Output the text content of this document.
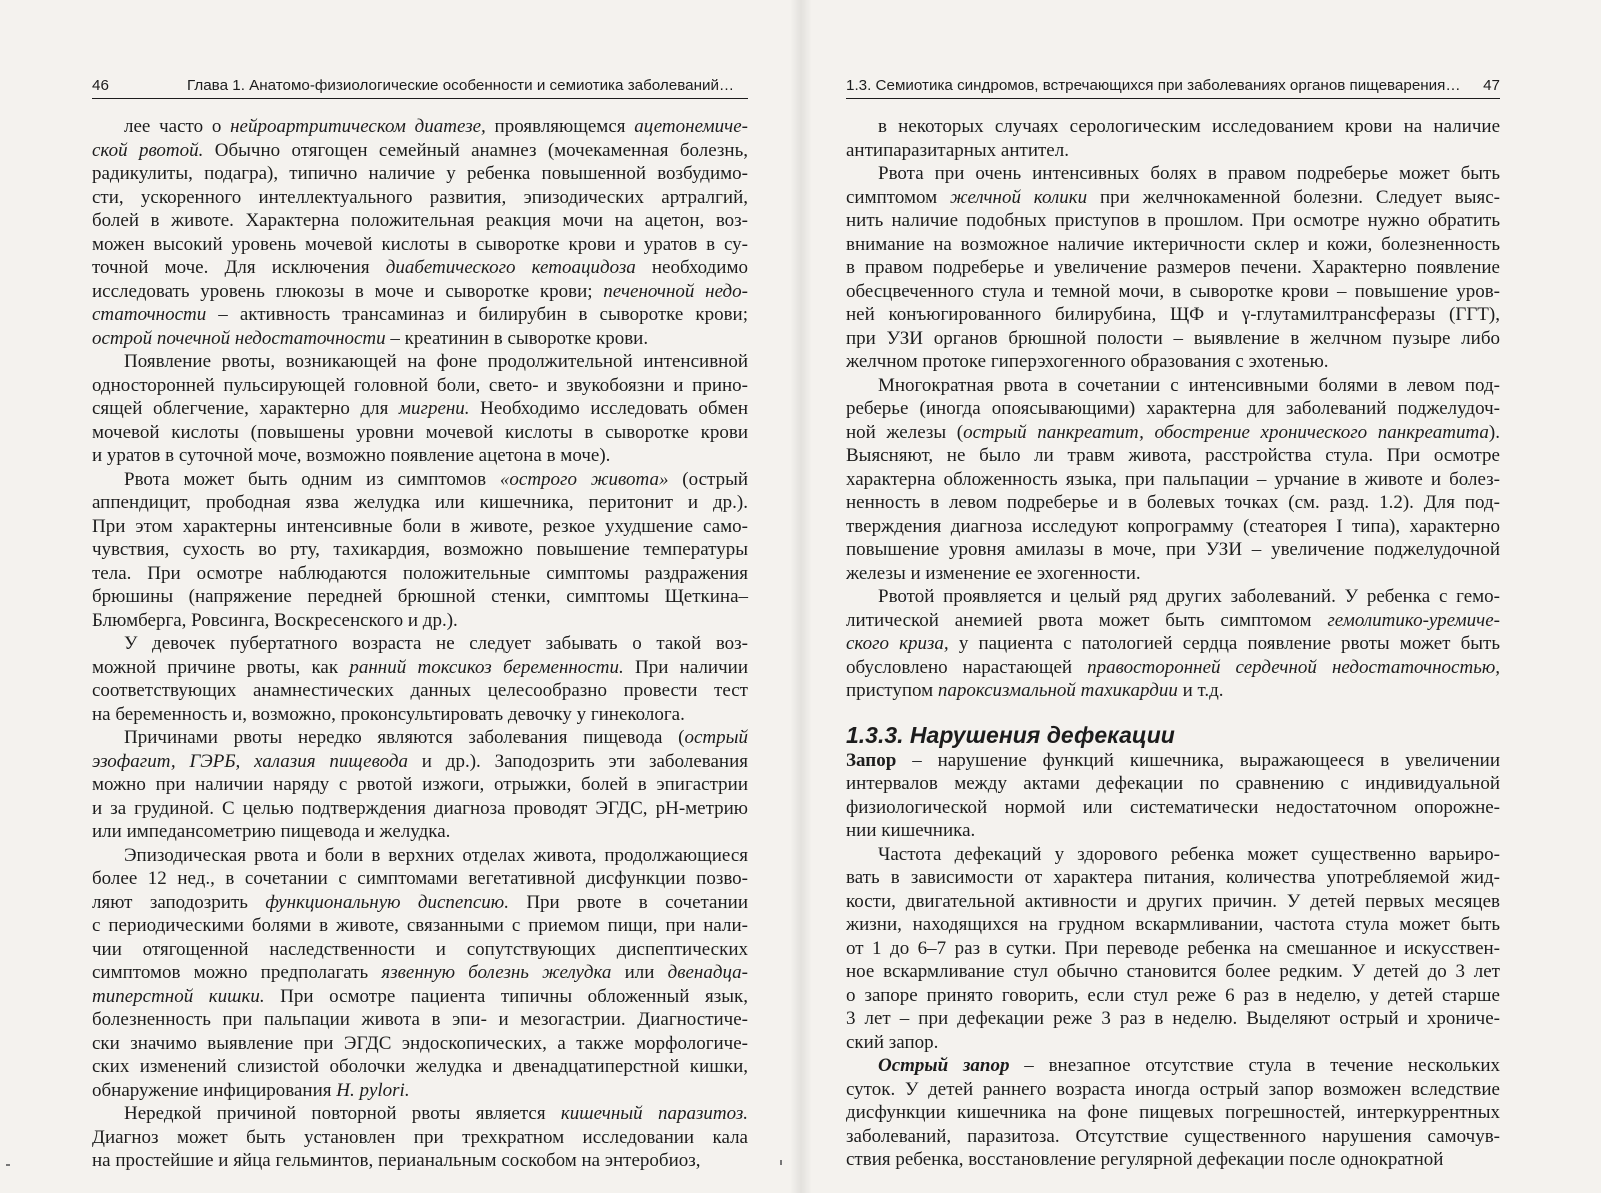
46	Глава 1. Анатомо-физиологические особенности и семиотика заболеваний…

лее часто о нейроартритическом диатезе, проявляющемся ацетонемиче-
ской рвотой. Обычно отягощен семейный анамнез (мочекаменная болезнь,
радикулиты, подагра), типично наличие у ребенка повышенной возбудимо-
сти, ускоренного интеллектуального развития, эпизодических артралгий,
болей в животе. Характерна положительная реакция мочи на ацетон, воз-
можен высокий уровень мочевой кислоты в сыворотке крови и уратов в су-
точной моче. Для исключения диабетического кетоацидоза необходимо
исследовать уровень глюкозы в моче и сыворотке крови; печеночной недо-
статочности – активность трансаминаз и билирубин в сыворотке крови;
острой почечной недостаточности – креатинин в сыворотке крови.

Появление рвоты, возникающей на фоне продолжительной интенсивной
односторонней пульсирующей головной боли, свето- и звукобоязни и прино-
сящей облегчение, характерно для мигрени. Необходимо исследовать обмен
мочевой кислоты (повышены уровни мочевой кислоты в сыворотке крови
и уратов в суточной моче, возможно появление ацетона в моче).

Рвота может быть одним из симптомов «острого живота» (острый
аппендицит, прободная язва желудка или кишечника, перитонит и др.).
При этом характерны интенсивные боли в животе, резкое ухудшение само-
чувствия, сухость во рту, тахикардия, возможно повышение температуры
тела. При осмотре наблюдаются положительные симптомы раздражения
брюшины (напряжение передней брюшной стенки, симптомы Щеткина–
Блюмберга, Ровсинга, Воскресенского и др.).

У девочек пубертатного возраста не следует забывать о такой воз-
можной причине рвоты, как ранний токсикоз беременности. При наличии
соответствующих анамнестических данных целесообразно провести тест
на беременность и, возможно, проконсультировать девочку у гинеколога.

Причинами рвоты нередко являются заболевания пищевода (острый
эзофагит, ГЭРБ, халазия пищевода и др.). Заподозрить эти заболевания
можно при наличии наряду с рвотой изжоги, отрыжки, болей в эпигастрии
и за грудиной. С целью подтверждения диагноза проводят ЭГДС, pH-метрию
или импедансометрию пищевода и желудка.

Эпизодическая рвота и боли в верхних отделах живота, продолжающиеся
более 12 нед., в сочетании с симптомами вегетативной дисфункции позво-
ляют заподозрить функциональную диспепсию. При рвоте в сочетании
с периодическими болями в животе, связанными с приемом пищи, при нали-
чии отягощенной наследственности и сопутствующих диспептических
симптомов можно предполагать язвенную болезнь желудка или двенадца-
типерстной кишки. При осмотре пациента типичны обложенный язык,
болезненность при пальпации живота в эпи- и мезогастрии. Диагностиче-
ски значимо выявление при ЭГДС эндоскопических, а также морфологиче-
ских изменений слизистой оболочки желудка и двенадцатиперстной кишки,
обнаружение инфицирования H. pylori.

Нередкой причиной повторной рвоты является кишечный паразитоз.
Диагноз может быть установлен при трехкратном исследовании кала
на простейшие и яйца гельминтов, перианальным соскобом на энтеробиоз,

1.3. Семиотика синдромов, встречающихся при заболеваниях органов пищеварения… 47

в некоторых случаях серологическим исследованием крови на наличие
антипаразитарных антител.

Рвота при очень интенсивных болях в правом подреберье может быть
симптомом желчной колики при желчнокаменной болезни. Следует выяс-
нить наличие подобных приступов в прошлом. При осмотре нужно обратить
внимание на возможное наличие иктеричности склер и кожи, болезненность
в правом подреберье и увеличение размеров печени. Характерно появление
обесцвеченного стула и темной мочи, в сыворотке крови – повышение уров-
ней конъюгированного билирубина, ЩФ и γ-глутамилтрансферазы (ГГТ),
при УЗИ органов брюшной полости – выявление в желчном пузыре либо
желчном протоке гиперэхогенного образования с эхотенью.

Многократная рвота в сочетании с интенсивными болями в левом под-
реберье (иногда опоясывающими) характерна для заболеваний поджелудоч-
ной железы (острый панкреатит, обострение хронического панкреатита).
Выясняют, не было ли травм живота, расстройства стула. При осмотре
характерна обложенность языка, при пальпации – урчание в животе и болез-
ненность в левом подреберье и в болевых точках (см. разд. 1.2). Для под-
тверждения диагноза исследуют копрограмму (стеаторея I типа), характерно
повышение уровня амилазы в моче, при УЗИ – увеличение поджелудочной
железы и изменение ее эхогенности.

Рвотой проявляется и целый ряд других заболеваний. У ребенка с гемо-
литической анемией рвота может быть симптомом гемолитико-уремиче-
ского криза, у пациента с патологией сердца появление рвоты может быть
обусловлено нарастающей правосторонней сердечной недостаточностью,
приступом пароксизмальной тахикардии и т.д.

1.3.3. Нарушения дефекации

Запор – нарушение функций кишечника, выражающееся в увеличении
интервалов между актами дефекации по сравнению с индивидуальной
физиологической нормой или систематически недостаточном опорожне-
нии кишечника.

Частота дефекаций у здорового ребенка может существенно варьиро-
вать в зависимости от характера питания, количества употребляемой жид-
кости, двигательной активности и других причин. У детей первых месяцев
жизни, находящихся на грудном вскармливании, частота стула может быть
от 1 до 6–7 раз в сутки. При переводе ребенка на смешанное и искусствен-
ное вскармливание стул обычно становится более редким. У детей до 3 лет
о запоре принято говорить, если стул реже 6 раз в неделю, у детей старше
3 лет – при дефекации реже 3 раз в неделю. Выделяют острый и хрониче-
ский запор.

Острый запор – внезапное отсутствие стула в течение нескольких
суток. У детей раннего возраста иногда острый запор возможен вследствие
дисфункции кишечника на фоне пищевых погрешностей, интеркуррентных
заболеваний, паразитоза. Отсутствие существенного нарушения самочув-
ствия ребенка, восстановление регулярной дефекации после однократной
